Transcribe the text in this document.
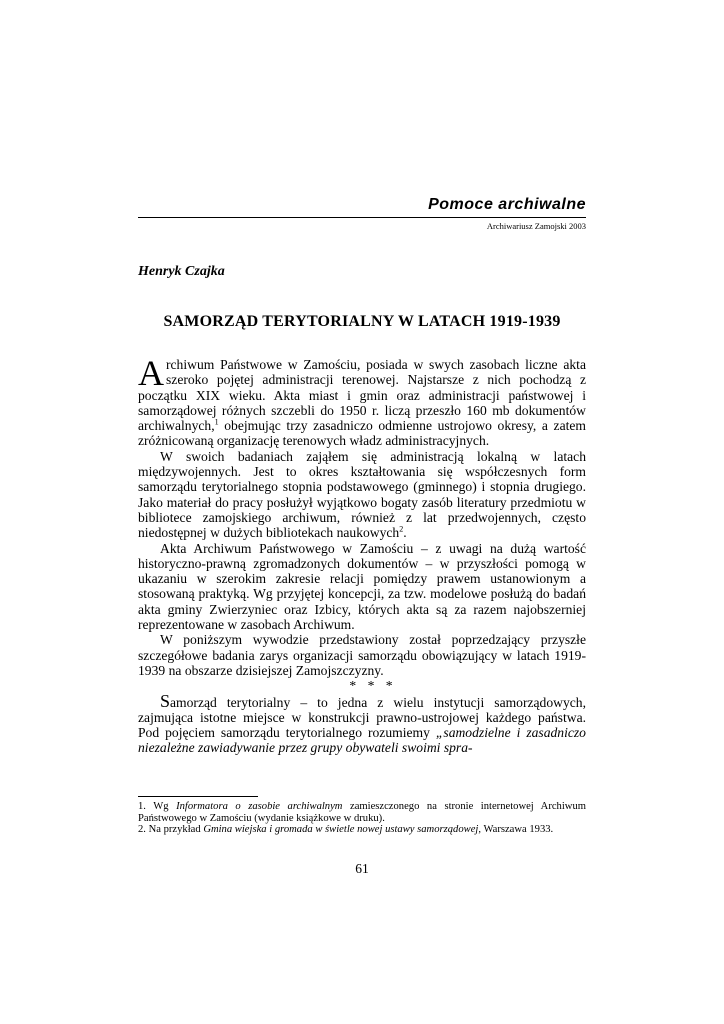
Pomoce archiwalne
Archiwariusz Zamojski 2003
Henryk Czajka
SAMORZĄD TERYTORIALNY W LATACH 1919-1939

Archiwum Państwowe w Zamościu, posiada w swych zasobach liczne akta szeroko pojętej administracji terenowej. Najstarsze z nich pochodzą z początku XIX wieku. Akta miast i gmin oraz administracji państwowej i samorządowej różnych szczebli do 1950 r. liczą przeszło 160 mb dokumentów archiwalnych,$^1$ obejmując trzy zasadniczo odmienne ustrojowo okresy, a zatem zróżnicowaną organizację terenowych władz administracyjnych.

W swoich badaniach zająłem się administracją lokalną w latach międzywojennych. Jest to okres kształtowania się współczesnych form samorządu terytorialnego stopnia podstawowego (gminnego) i stopnia drugiego. Jako materiał do pracy posłużył wyjątkowo bogaty zasób literatury przedmiotu w bibliotece zamojskiego archiwum, również z lat przedwojennych, często niedostępnej w dużych bibliotekach naukowych$^2$.

Akta Archiwum Państwowego w Zamościu – z uwagi na dużą wartość historyczno-prawną zgromadzonych dokumentów – w przyszłości pomogą w ukazaniu w szerokim zakresie relacji pomiędzy prawem ustanowionym a stosowaną praktyką. Wg przyjętej koncepcji, za tzw. modelowe posłużą do badań akta gminy Zwierzyniec oraz Izbicy, których akta są za razem najobszerniej reprezentowane w zasobach Archiwum.

W poniższym wywodzie przedstawiony został poprzedzający przyszłe szczegółowe badania zarys organizacji samorządu obowiązujący w latach 1919-1939 na obszarze dzisiejszej Zamojszczyzny.

* * *

Samorząd terytorialny – to jedna z wielu instytucji samorządowych, zajmująca istotne miejsce w konstrukcji prawno-ustrojowej każdego państwa. Pod pojęciem samorządu terytorialnego rozumiemy „samodzielne i zasadniczo niezależne zawiadywanie przez grupy obywateli swoimi spra-

1. Wg Informatora o zasobie archiwalnym zamieszczonego na stronie internetowej Archiwum Państwowego w Zamościu (wydanie książkowe w druku).

2. Na przykład Gmina wiejska i gromada w świetle nowej ustawy samorządowej, Warszawa 1933.

61
